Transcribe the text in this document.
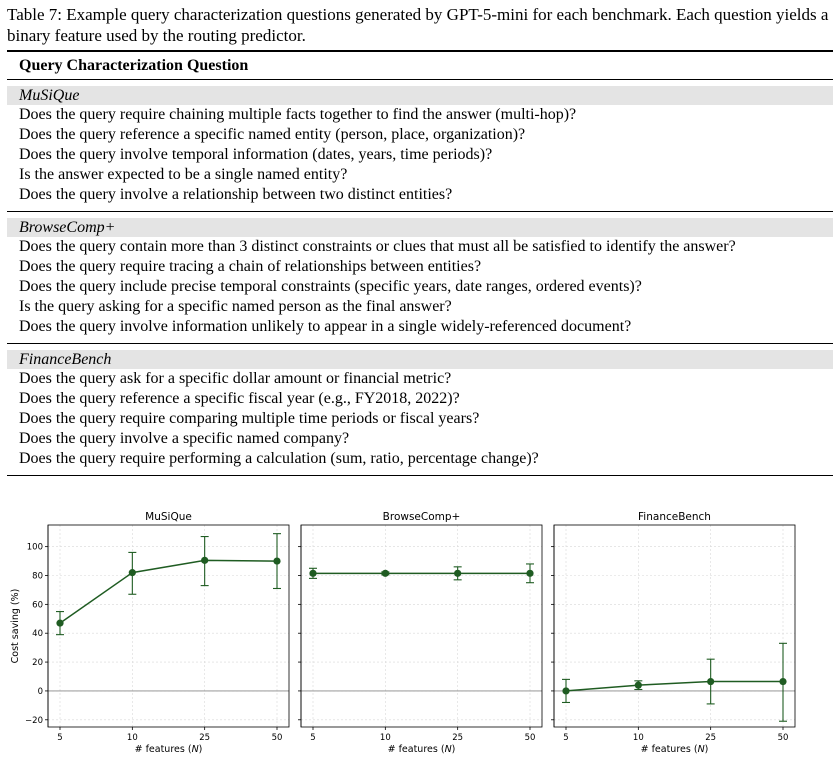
Table 7: Example query characterization questions generated by GPT-5-mini for each benchmark. Each question yields a binary feature used by the routing predictor.
Query Characterization Question
MuSiQue
Does the query require chaining multiple facts together to find the answer (multi-hop)?
Does the query reference a specific named entity (person, place, organization)?
Does the query involve temporal information (dates, years, time periods)?
Is the answer expected to be a single named entity?
Does the query involve a relationship between two distinct entities?
BrowseComp+
Does the query contain more than 3 distinct constraints or clues that must all be satisfied to identify the answer?
Does the query require tracing a chain of relationships between entities?
Does the query include precise temporal constraints (specific years, date ranges, ordered events)?
Is the query asking for a specific named person as the final answer?
Does the query involve information unlikely to appear in a single widely-referenced document?
FinanceBench
Does the query ask for a specific dollar amount or financial metric?
Does the query reference a specific fiscal year (e.g., FY2018, 2022)?
Does the query require comparing multiple time periods or fiscal years?
Does the query involve a specific named company?
Does the query require performing a calculation (sum, ratio, percentage change)?
MuSiQue
5	10	25	50
# features (N)
100
80
60
40
20
0
−20
Cost saving (%)
BrowseComp+
5	10	25	50
# features (N)
FinanceBench
5	10	25	50
# features (N)
